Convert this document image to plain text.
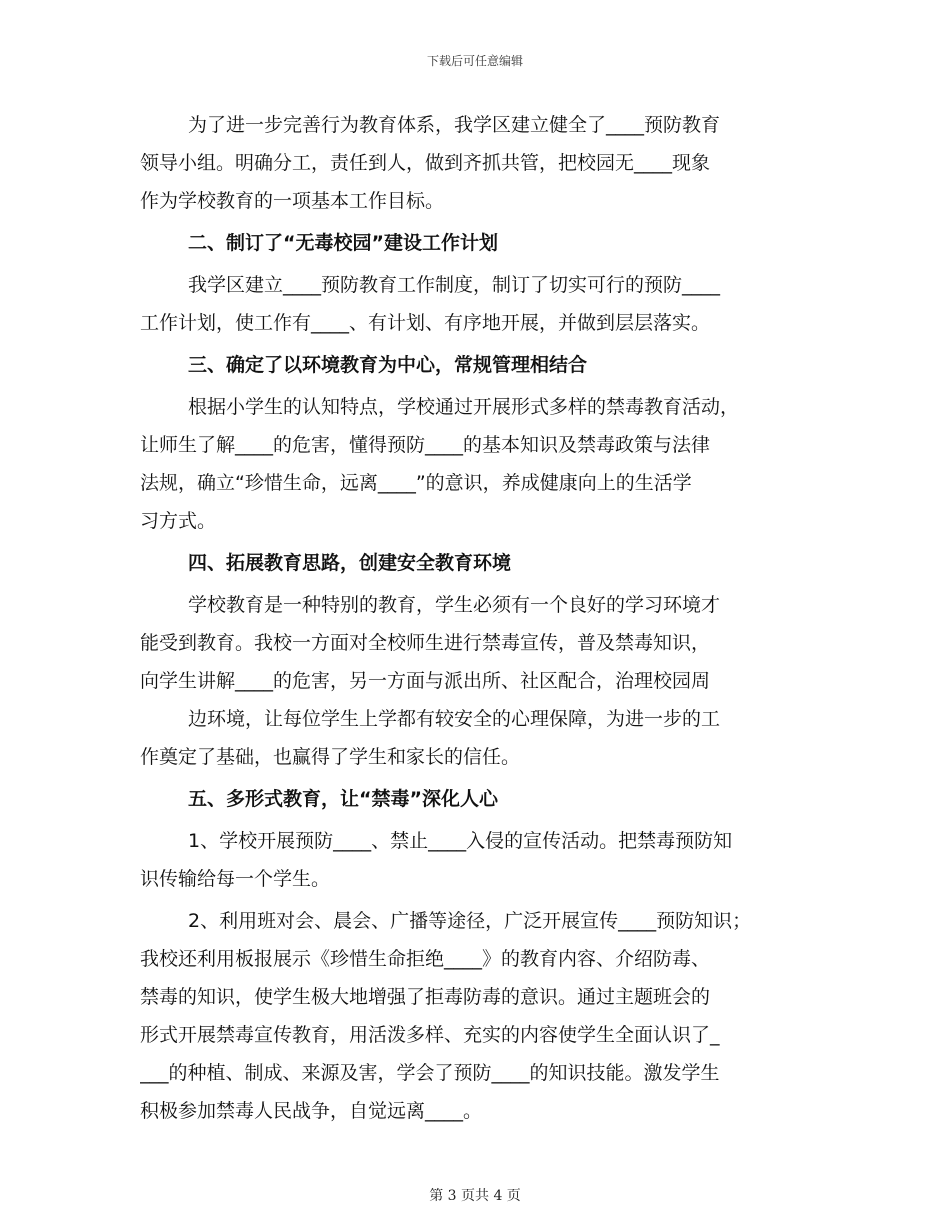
下载后可任意编辑
为了进一步完善行为教育体系，我学区建立健全了____预防教育
领导小组。明确分工，责任到人，做到齐抓共管，把校园无____现象
作为学校教育的一项基本工作目标。
二、制订了“无毒校园”建设工作计划
我学区建立____预防教育工作制度，制订了切实可行的预防____
工作计划，使工作有____、有计划、有序地开展，并做到层层落实。
三、确定了以环境教育为中心，常规管理相结合
根据小学生的认知特点，学校通过开展形式多样的禁毒教育活动，
让师生了解____的危害，懂得预防____的基本知识及禁毒政策与法律
法规，确立“珍惜生命，远离____”的意识，养成健康向上的生活学
习方式。
四、拓展教育思路，创建安全教育环境
学校教育是一种特别的教育，学生必须有一个良好的学习环境才
能受到教育。我校一方面对全校师生进行禁毒宣传，普及禁毒知识，
向学生讲解____的危害，另一方面与派出所、社区配合，治理校园周
边环境，让每位学生上学都有较安全的心理保障，为进一步的工
作奠定了基础，也赢得了学生和家长的信任。
五、多形式教育，让“禁毒”深化人心
1、学校开展预防____、禁止____入侵的宣传活动。把禁毒预防知
识传输给每一个学生。
2、利用班对会、晨会、广播等途径，广泛开展宣传____预防知识；
我校还利用板报展示《珍惜生命拒绝____》的教育内容、介绍防毒、
禁毒的知识，使学生极大地增强了拒毒防毒的意识。通过主题班会的
形式开展禁毒宣传教育，用活泼多样、充实的内容使学生全面认识了_
___的种植、制成、来源及害，学会了预防____的知识技能。激发学生
积极参加禁毒人民战争，自觉远离____。
第 3 页共 4 页
